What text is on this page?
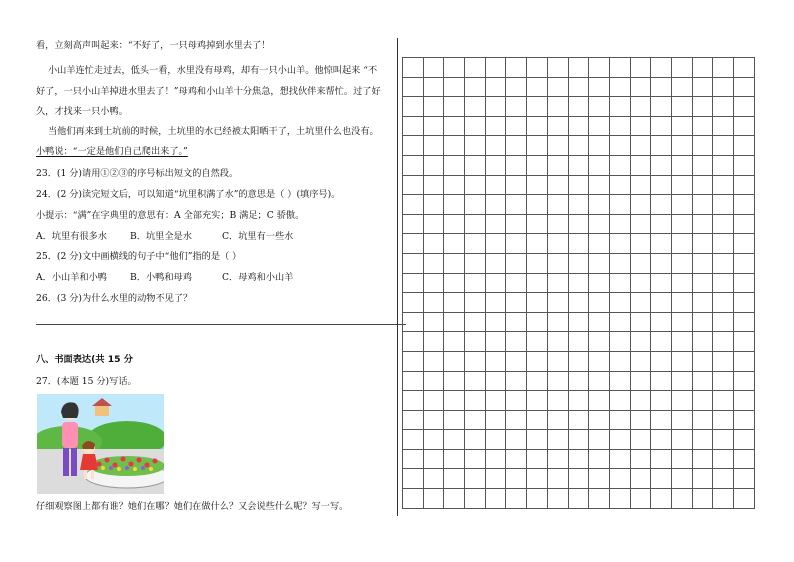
看，立刻高声叫起来：“不好了，一只母鸡掉到水里去了！
小山羊连忙走过去，低头一看，水里没有母鸡，却有一只小山羊。他惊叫起来 “不
好了，一只小山羊掉进水里去了！”母鸡和小山羊十分焦急，想找伙伴来帮忙。过了好
久，才找来一只小鸭。
当他们再来到土坑前的时候，土坑里的水已经被太阳晒干了，土坑里什么也没有。
小鸭说：“一定是他们自己爬出来了。”
23．(1 分)请用①②③的序号标出短文的自然段。
24．(2 分)读完短文后，可以知道“坑里积满了水”的意思是（ ）(填序号)。
小提示：“满”在字典里的意思有：A 全部充实；B 满足；C 骄傲。
A．坑里有很多水	B．坑里全是水	C．坑里有一些水
25．(2 分)文中画横线的句子中“他们”指的是（ ）
A．小山羊和小鸭	B．小鸭和母鸡	C．母鸡和小山羊
26．(3 分)为什么水里的动物不见了？
八、书面表达(共 15 分
27．(本题 15 分)写话。
仔细观察图上都有谁？她们在哪？她们在做什么？又会说些什么呢？写一写。
